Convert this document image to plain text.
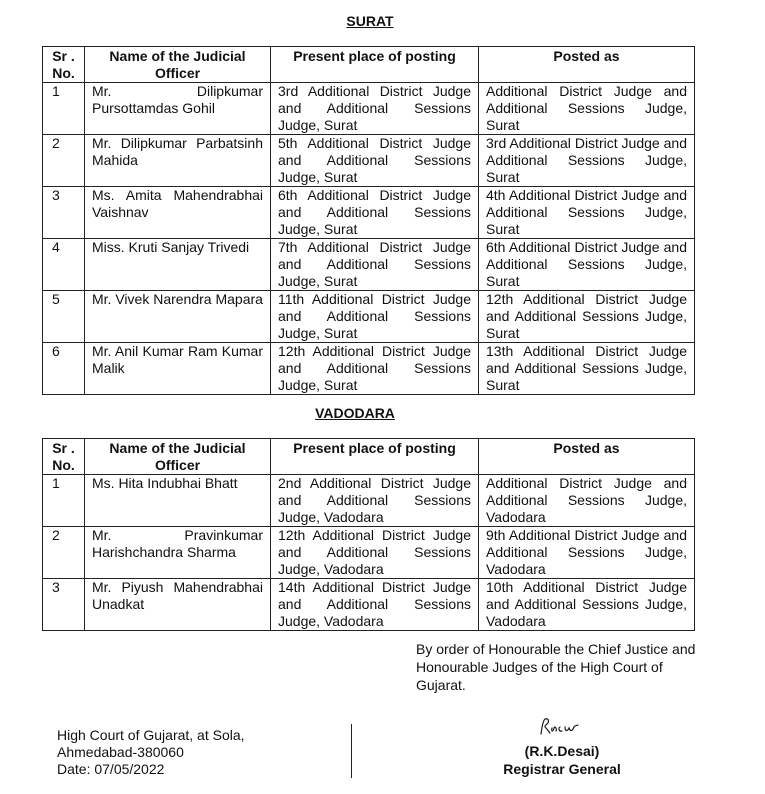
SURAT
Sr . No.	Name of the Judicial Officer	Present place of posting	Posted as
1	Mr. Dilipkumar Pursottamdas Gohil	3rd Additional District Judge and Additional Sessions Judge, Surat	Additional District Judge and Additional Sessions Judge, Surat
2	Mr. Dilipkumar Parbatsinh Mahida	5th Additional District Judge and Additional Sessions Judge, Surat	3rd Additional District Judge and Additional Sessions Judge, Surat
3	Ms. Amita Mahendrabhai Vaishnav	6th Additional District Judge and Additional Sessions Judge, Surat	4th Additional District Judge and Additional Sessions Judge, Surat
4	Miss. Kruti Sanjay Trivedi	7th Additional District Judge and Additional Sessions Judge, Surat	6th Additional District Judge and Additional Sessions Judge, Surat
5	Mr. Vivek Narendra Mapara	11th Additional District Judge and Additional Sessions Judge, Surat	12th Additional District Judge and Additional Sessions Judge, Surat
6	Mr. Anil Kumar Ram Kumar Malik	12th Additional District Judge and Additional Sessions Judge, Surat	13th Additional District Judge and Additional Sessions Judge, Surat
VADODARA
Sr . No.	Name of the Judicial Officer	Present place of posting	Posted as
1	Ms. Hita Indubhai Bhatt	2nd Additional District Judge and Additional Sessions Judge, Vadodara	Additional District Judge and Additional Sessions Judge, Vadodara
2	Mr. Pravinkumar Harishchandra Sharma	12th Additional District Judge and Additional Sessions Judge, Vadodara	9th Additional District Judge and Additional Sessions Judge, Vadodara
3	Mr. Piyush Mahendrabhai Unadkat	14th Additional District Judge and Additional Sessions Judge, Vadodara	10th Additional District Judge and Additional Sessions Judge, Vadodara
By order of Honourable the Chief Justice and Honourable Judges of the High Court of Gujarat.
High Court of Gujarat, at Sola,
Ahmedabad-380060
Date: 07/05/2022
(R.K.Desai)
Registrar General
